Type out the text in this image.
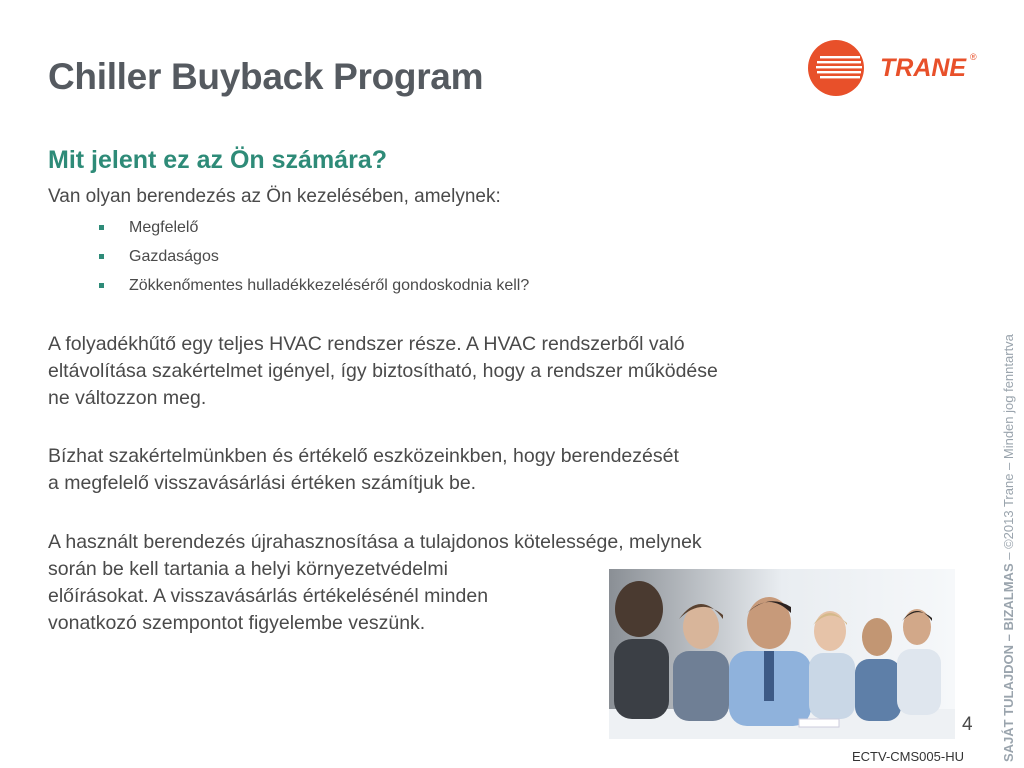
Chiller Buyback Program	TRANE ®
Mit jelent ez az Ön számára?
Van olyan berendezés az Ön kezelésében, amelynek:
Megfelelő
Gazdaságos
Zökkenőmentes hulladékkezeléséről gondoskodnia kell?
A folyadékhűtő egy teljes HVAC rendszer része. A HVAC rendszerből való
eltávolítása szakértelmet igényel, így biztosítható, hogy a rendszer működése
ne változzon meg.
Bízhat szakértelmünkben és értékelő eszközeinkben, hogy berendezését
a megfelelő visszavásárlási értéken számítjuk be.
A használt berendezés újrahasznosítása a tulajdonos kötelessége, melynek
során be kell tartania a helyi környezetvédelmi
előírásokat. A visszavásárlás értékelésénél minden
vonatkozó szempontot figyelembe veszünk.
4
ECTV-CMS005-HU	SAJÁT TULAJDON – BIZALMAS – ©2013 Trane – Minden jog fenntartva
